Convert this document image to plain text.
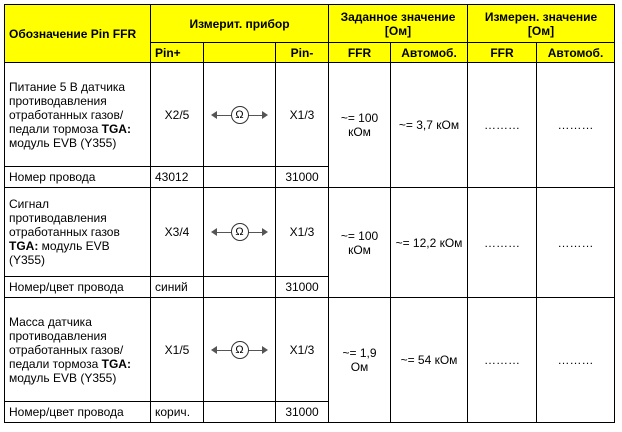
Обозначение Pin FFR	Измерит. прибор			Заданное значение [Ом]		Измерен. значение [Ом]	
	Pin+		Pin-	FFR	Автомоб.	FFR	Автомоб.
Питание 5 В датчика противодавления отработанных газов/педали тормоза TGA: модуль EVB (Y355)	X2/5	Ω	X1/3	~= 100 кОм	~= 3,7 кОм	………	………
Номер провода	43012		31000				
Сигнал противодавления отработанных газов TGA: модуль EVB (Y355)	X3/4	Ω	X1/3	~= 100 кОм	~= 12,2 кОм	………	………
Номер/цвет провода	синий		31000				
Масса датчика противодавления отработанных газов/педали тормоза TGA: модуль EVB (Y355)	X1/5	Ω	X1/3	~= 1,9 Ом	~= 54 кОм	………	………
Номер/цвет провода	корич.		31000				
